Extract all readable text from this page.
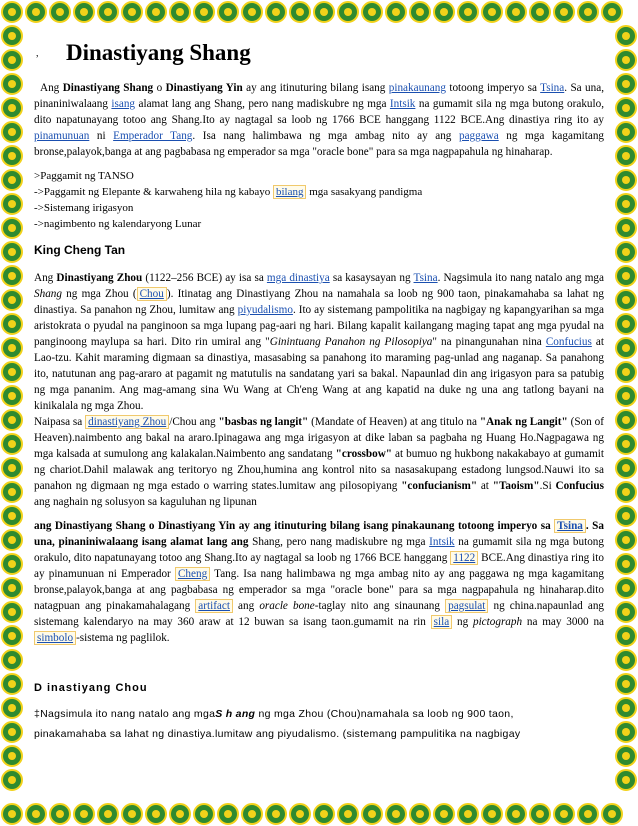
, Dinastiyang Shang

Ang Dinastiyang Shang o Dinastiyang Yin ay ang itinuturing bilang isang pinakaunang totoong imperyo sa Tsina. Sa una, pinaniniwalaang isang alamat lang ang Shang, pero nang madiskubre ng mga Intsik na gumamit sila ng mga butong orakulo, dito napatunayang totoo ang Shang.Ito ay nagtagal sa loob ng 1766 BCE hanggang 1122 BCE.Ang dinastiya ring ito ay pinamunuan ni Emperador Tang. Isa nang halimbawa ng mga ambag nito ay ang paggawa ng mga kagamitang bronse,palayok,banga at ang pagbabasa ng emperador sa mga "oracle bone" para sa mga nagpapahula ng hinaharap.

>Paggamit ng TANSO
->Paggamit ng Elepante & karwaheng hila ng kabayo bilang mga sasakyang pandigma
->Sistemang irigasyon
->nagimbento ng kalendaryong Lunar
King Cheng Tan

Ang Dinastiyang Zhou (1122–256 BCE) ay isa sa mga dinastiya sa kasaysayan ng Tsina. Nagsimula ito nang natalo ang mga Shang ng mga Zhou ( Chou ). Itinatag ang Dinastiyang Zhou na namahala sa loob ng 900 taon, pinakamahaba sa lahat ng dinastiya. Sa panahon ng Zhou, lumitaw ang piyudalismo. Ito ay sistemang pampolitika na nagbigay ng kapangyarihan sa mga aristokrata o pyudal na panginoon sa mga lupang pag-aari ng hari. Bilang kapalit kailangang maging tapat ang mga pyudal na panginoong maylupa sa hari. Dito rin umiral ang "Ginintuang Panahon ng Pilosopiya" na pinangunahan nina Confucius at Lao-tzu. Kahit maraming digmaan sa dinastiya, masasabing sa panahong ito maraming pag-unlad ang naganap. Sa panahong ito, natutunan ang pag-araro at pagamit ng matutulis na sandatang yari sa bakal. Napaunlad din ang irigasyon para sa patubig ng mga pananim. Ang mag-amang sina Wu Wang at Ch'eng Wang at ang kapatid na duke ng una ang tatlong bayani na kinikalala ng mga Zhou.

Naipasa sa dinastiyang Zhou /Chou ang "basbas ng langit" (Mandate of Heaven) at ang titulo na "Anak ng Langit" (Son of Heaven).naimbento ang bakal na araro.Ipinagawa ang mga irigasyon at dike laban sa pagbaha ng Huang Ho.Nagpagawa ng mga kalsada at sumulong ang kalakalan.Naimbento ang sandatang "crossbow" at bumuo ng hukbong nakakabayo at gumamit ng chariot.Dahil malawak ang teritoryo ng Zhou,humina ang kontrol nito sa nasasakupang estadong lungsod.Nauwi ito sa panahon ng digmaan ng mga estado o warring states.lumitaw ang pilosopiyang "confucianism" at "Taoism".Si Confucius ang naghain ng solusyon sa kaguluhan ng lipunan

ang Dinastiyang Shang o Dinastiyang Yin ay ang itinuturing bilang isang pinakaunang totoong imperyo sa Tsina . Sa una, pinaniniwalaang isang alamat lang ang Shang, pero nang madiskubre ng mga Intsik na gumamit sila ng mga butong orakulo, dito napatunayang totoo ang Shang.Ito ay nagtagal sa loob ng 1766 BCE hanggang 1122 BCE.Ang dinastiya ring ito ay pinamunuan ni Emperador Cheng Tang. Isa nang halimbawa ng mga ambag nito ay ang paggawa ng mga kagamitang bronse,palayok,banga at ang pagbabasa ng emperador sa mga "oracle bone" para sa mga nagpapahula ng hinaharap.dito natagpuan ang pinakamahalagang artifact ang oracle bone-taglay nito ang sinaunang pagsulat ng china.napaunlad ang sistemang kalendaryo na may 360 araw at 12 buwan sa isang taon.gumamit na rin sila ng pictograph na may 3000 na simbolo -sistema ng paglilok.

D inastiyang Chou
‡Nagsimula ito nang natalo ang mgaS h ang ng mga Zhou (Chou)namahala sa loob ng 900 taon,
pinakamahaba sa lahat ng dinastiya.lumitaw ang piyudalismo. (sistemang pampulitika na nagbigay
